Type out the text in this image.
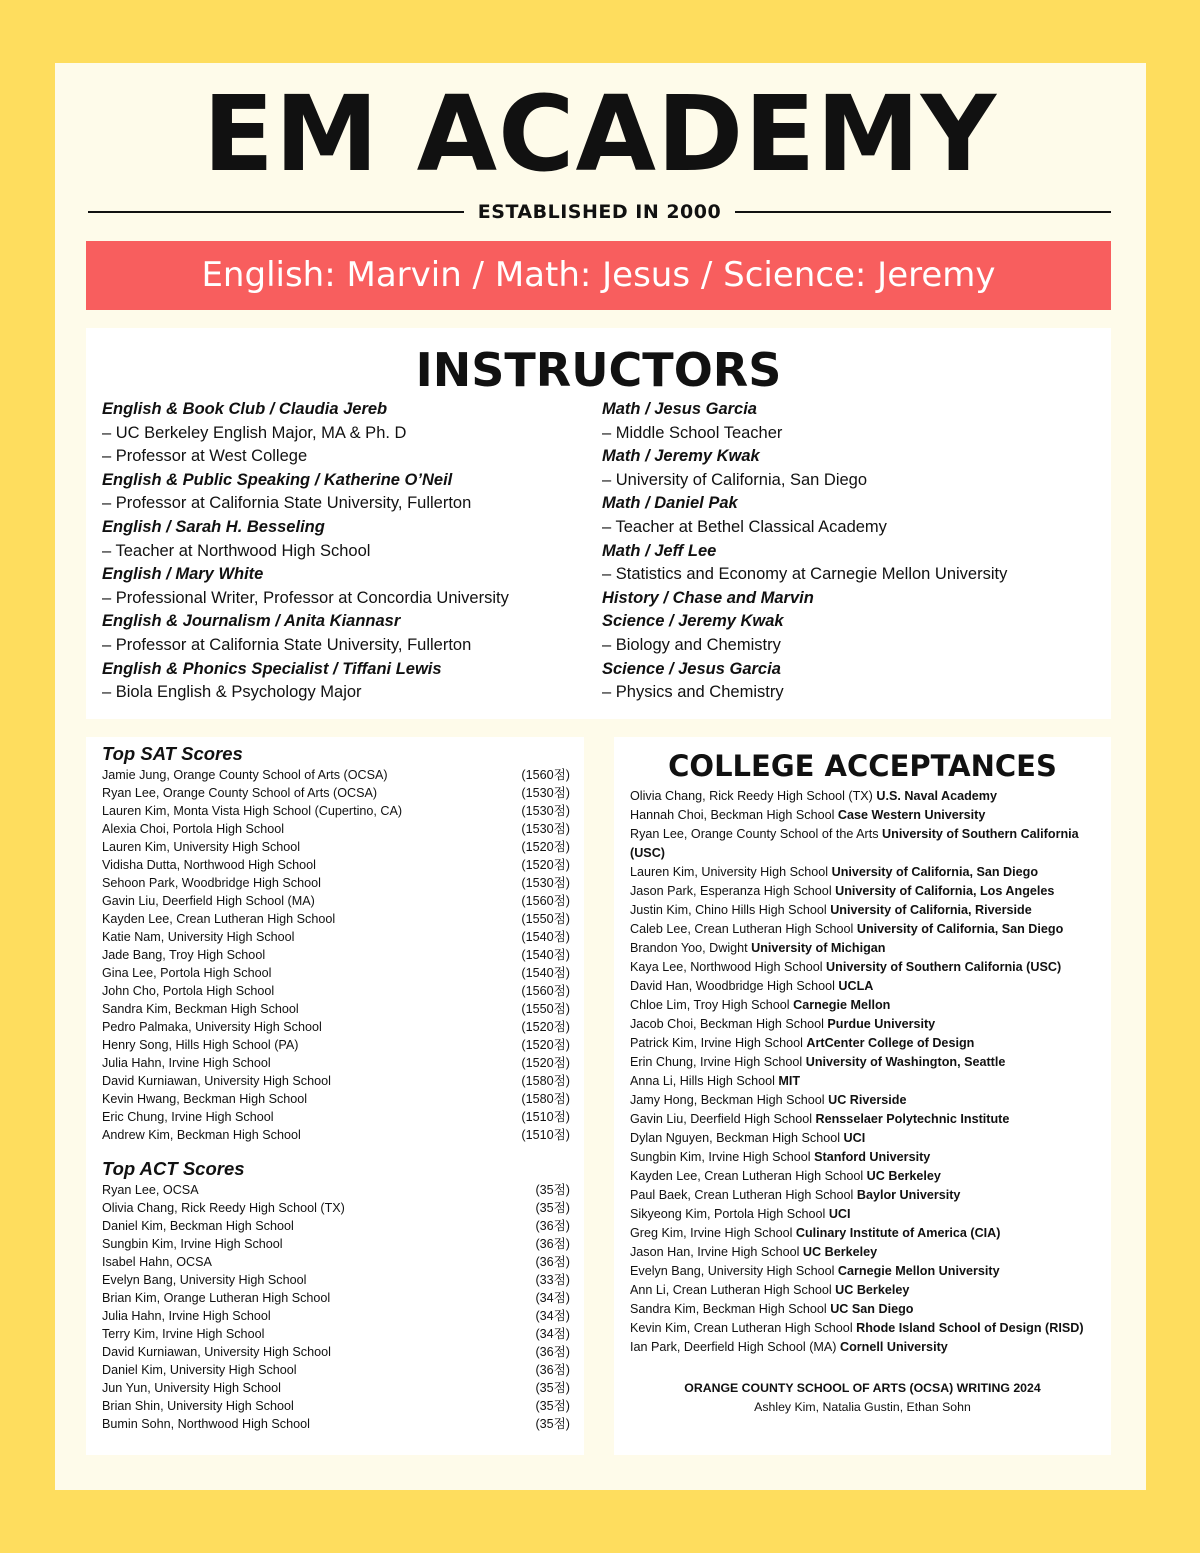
EM ACADEMY
ESTABLISHED IN 2000
English: Marvin / Math: Jesus / Science: Jeremy
INSTRUCTORS
English & Book Club / Claudia Jereb
– UC Berkeley English Major, MA & Ph. D
– Professor at West College
English & Public Speaking / Katherine O’Neil
– Professor at California State University, Fullerton
English / Sarah H. Besseling
– Teacher at Northwood High School
English / Mary White
– Professional Writer, Professor at Concordia University
English & Journalism / Anita Kiannasr
– Professor at California State University, Fullerton
English & Phonics Specialist / Tiffani Lewis
– Biola English & Psychology Major
Math / Jesus Garcia
– Middle School Teacher
Math / Jeremy Kwak
– University of California, San Diego
Math / Daniel Pak
– Teacher at Bethel Classical Academy
Math / Jeff Lee
– Statistics and Economy at Carnegie Mellon University
History / Chase and Marvin
Science / Jeremy Kwak
– Biology and Chemistry
Science / Jesus Garcia
– Physics and Chemistry
Top SAT Scores
Jamie Jung, Orange County School of Arts (OCSA)	(1560점)
Ryan Lee, Orange County School of Arts (OCSA)	(1530점)
Lauren Kim, Monta Vista High School (Cupertino, CA)	(1530점)
Alexia Choi, Portola High School	(1530점)
Lauren Kim, University High School	(1520점)
Vidisha Dutta, Northwood High School	(1520점)
Sehoon Park, Woodbridge High School	(1530점)
Gavin Liu, Deerfield High School (MA)	(1560점)
Kayden Lee, Crean Lutheran High School	(1550점)
Katie Nam, University High School	(1540점)
Jade Bang, Troy High School	(1540점)
Gina Lee, Portola High School	(1540점)
John Cho, Portola High School	(1560점)
Sandra Kim, Beckman High School	(1550점)
Pedro Palmaka, University High School	(1520점)
Henry Song, Hills High School (PA)	(1520점)
Julia Hahn, Irvine High School	(1520점)
David Kurniawan, University High School	(1580점)
Kevin Hwang, Beckman High School	(1580점)
Eric Chung, Irvine High School	(1510점)
Andrew Kim, Beckman High School	(1510점)
Top ACT Scores
Ryan Lee, OCSA	(35점)
Olivia Chang, Rick Reedy High School (TX)	(35점)
Daniel Kim, Beckman High School	(36점)
Sungbin Kim, Irvine High School	(36점)
Isabel Hahn, OCSA	(36점)
Evelyn Bang, University High School	(33점)
Brian Kim, Orange Lutheran High School	(34점)
Julia Hahn, Irvine High School	(34점)
Terry Kim, Irvine High School	(34점)
David Kurniawan, University High School	(36점)
Daniel Kim, University High School	(36점)
Jun Yun, University High School	(35점)
Brian Shin, University High School	(35점)
Bumin Sohn, Northwood High School	(35점)
COLLEGE ACCEPTANCES
Olivia Chang, Rick Reedy High School (TX) U.S. Naval Academy
Hannah Choi, Beckman High School Case Western University
Ryan Lee, Orange County School of the Arts University of Southern California (USC)
Lauren Kim, University High School University of California, San Diego
Jason Park, Esperanza High School University of California, Los Angeles
Justin Kim, Chino Hills High School University of California, Riverside
Caleb Lee, Crean Lutheran High School University of California, San Diego
Brandon Yoo, Dwight University of Michigan
Kaya Lee, Northwood High School University of Southern California (USC)
David Han, Woodbridge High School UCLA
Chloe Lim, Troy High School Carnegie Mellon
Jacob Choi, Beckman High School Purdue University
Patrick Kim, Irvine High School ArtCenter College of Design
Erin Chung, Irvine High School University of Washington, Seattle
Anna Li, Hills High School MIT
Jamy Hong, Beckman High School UC Riverside
Gavin Liu, Deerfield High School Rensselaer Polytechnic Institute
Dylan Nguyen, Beckman High School UCI
Sungbin Kim, Irvine High School Stanford University
Kayden Lee, Crean Lutheran High School UC Berkeley
Paul Baek, Crean Lutheran High School Baylor University
Sikyeong Kim, Portola High School UCI
Greg Kim, Irvine High School Culinary Institute of America (CIA)
Jason Han, Irvine High School UC Berkeley
Evelyn Bang, University High School Carnegie Mellon University
Ann Li, Crean Lutheran High School UC Berkeley
Sandra Kim, Beckman High School UC San Diego
Kevin Kim, Crean Lutheran High School Rhode Island School of Design (RISD)
Ian Park, Deerfield High School (MA) Cornell University
ORANGE COUNTY SCHOOL OF ARTS (OCSA) WRITING 2024
Ashley Kim, Natalia Gustin, Ethan Sohn
